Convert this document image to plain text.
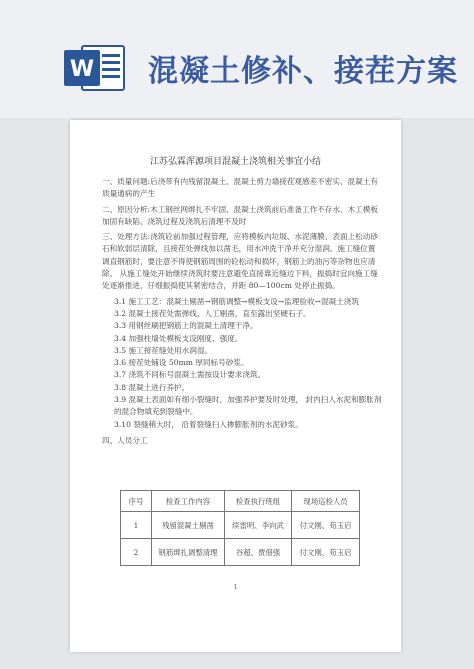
W 混凝土修补、接茬方案
江苏弘霖浑源项目混凝土浇筑相关事宜小结

一、质量问题:后浇带有内残留混凝土、混凝土剪力墙接茬观感差不密实、混凝土有质量通病的产生

二、原因分析:木工钢丝网绑扎不牢固、混凝土浇筑前后准备工作不存水、木工模板加固有缺陷、浇筑过程及浇筑后清理不及时

三、处理方法:浇筑砼前加强过程管理，应将模板内垃圾、水泥薄膜、表面上松动砂石和软弱层清除，且接茬处弹线加以凿毛，用水冲洗干净并充分湿润。施工缝位置调直钢筋时，要注意不得使钢筋周围的砼松动和损坏，钢筋上的油污等杂物也应清除。 从施工缝处开始继续浇筑时要注意避免直接靠近缝边下料，振捣时宜向施工缝处逐渐推进，仔细振捣使其紧密结合，并距 80—100cm 处停止振捣。

3.1 施工工艺：混凝土剔凿→钢筋调整→模板支设→监理验收→混凝土浇筑

3.2 混凝土接茬处需弹线，人工剔凿，直至露出坚硬石子。

3.3 用钢丝刷把钢筋上的混凝土清理干净。

3.4 加强柱墙处模板支设刚度、强度。

3.5 施工接茬缝处用水润湿。

3.6 接茬处铺设 50mm 厚同标号砂浆。

3.7 浇筑不同标号混凝土需按设计要求浇筑。

3.8 混凝土进行养护。

3.9 混凝土表面如有细小裂缝时，加强养护要及时处理， 封内扫入水泥和膨胀剂的混合物填充到裂缝中。

3.10 裂缝稍大时， 沿着裂缝扫入掺膨胀剂的水泥砂浆。

四、人员分工

序号	检查工作内容	检查执行班组	现场巡检人员
1	残留混凝土剔凿	续雷明、李向武	付文刚、苟玉启
2	钢筋绑扎调整清理	谷超、贾佃强	付文刚、苟玉启
1
